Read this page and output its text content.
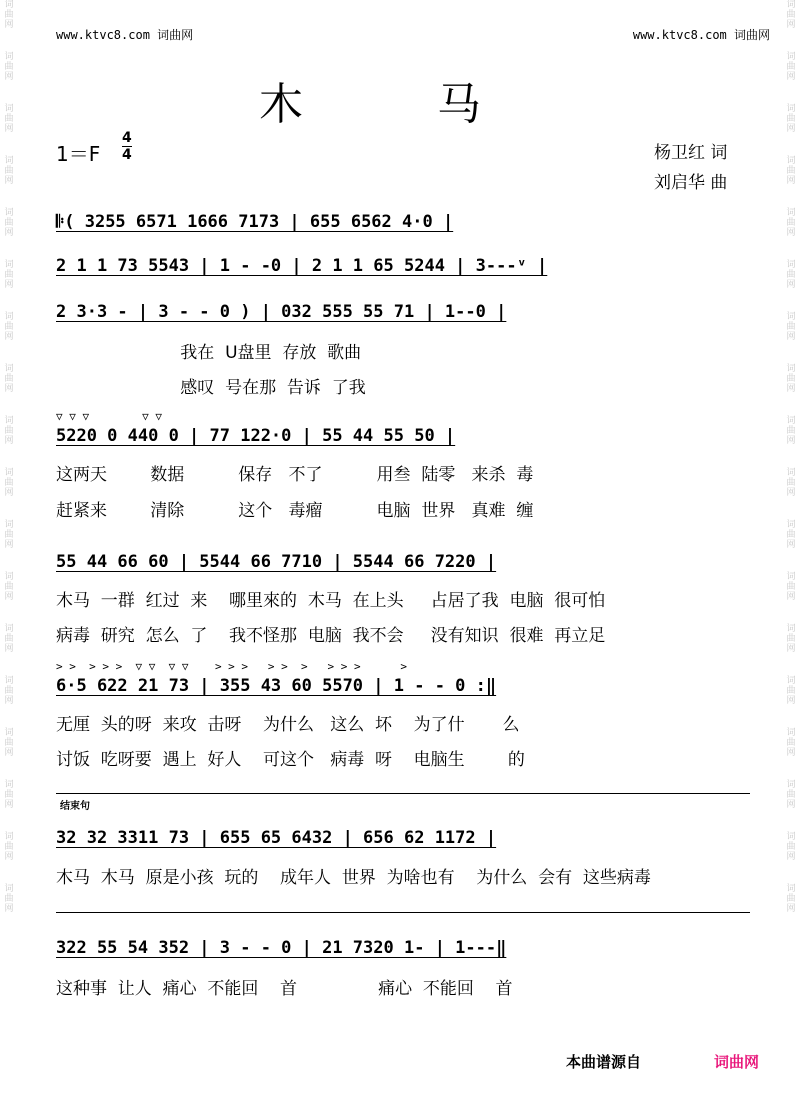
词曲网
词曲网
词曲网
词曲网
词曲网
词曲网
词曲网
词曲网
词曲网
词曲网
词曲网
词曲网
词曲网
词曲网
词曲网
词曲网
词曲网
词曲网
词曲网
词曲网
词曲网
词曲网
词曲网
词曲网
词曲网
词曲网
词曲网
词曲网
词曲网
词曲网
词曲网
词曲网
词曲网
词曲网
词曲网
词曲网
www.ktvc8.com 词曲网	www.ktvc8.com 词曲网
木 马
1＝F
4
4	杨卫红 词
刘启华 曲
𝄆( 3255 6571 1666 7173 | 655 6562 4·0 |
2 1 1 73 5543 | 1 - -0 | 2 1 1 65 5244 | 3---ᵛ |
2 3·3 - | 3 - - 0 ) | 032 555 55 71 | 1--0 |
我在  U盘里  存放  歌曲
感叹  号在那  告诉  了我
▽ ▽ ▽        ▽ ▽
5220 0 440 0 | 77 122·0 | 55 44 55 50 |
这两天        数据          保存   不了          用叁  陆零   来杀  毒
赶紧来        清除          这个   毒瘤          电脑  世界   真难  缠
55 44 66 60 | 5544 66 7710 | 5544 66 7220 |
木马  一群  红过  来    哪里來的  木马  在上头     占居了我  电脑  很可怕
病毒  研究  怎么  了    我不怪那  电脑  我不会     没有知识  很难  再立足
> >  > > >  ▽ ▽  ▽ ▽    > > >   > >  >   > > >      >
6·5 622 21 73 | 355 43 60 5570 | 1 - - 0 :‖
无厘  头的呀  来攻  击呀    为什么   这么  坏    为了什       么
讨饭  吃呀要  遇上  好人    可这个   病毒  呀    电脑生        的
结束句
32 32 3311 73 | 655 65 6432 | 656 62 1172 |
木马  木马  原是小孩  玩的    成年人  世界  为啥也有    为什么  会有  这些病毒
322 55 54 352 | 3 - - 0 | 21 7320 1- | 1---‖
这种事  让人  痛心  不能回    首               痛心  不能回    首
本曲谱源自	词曲网
